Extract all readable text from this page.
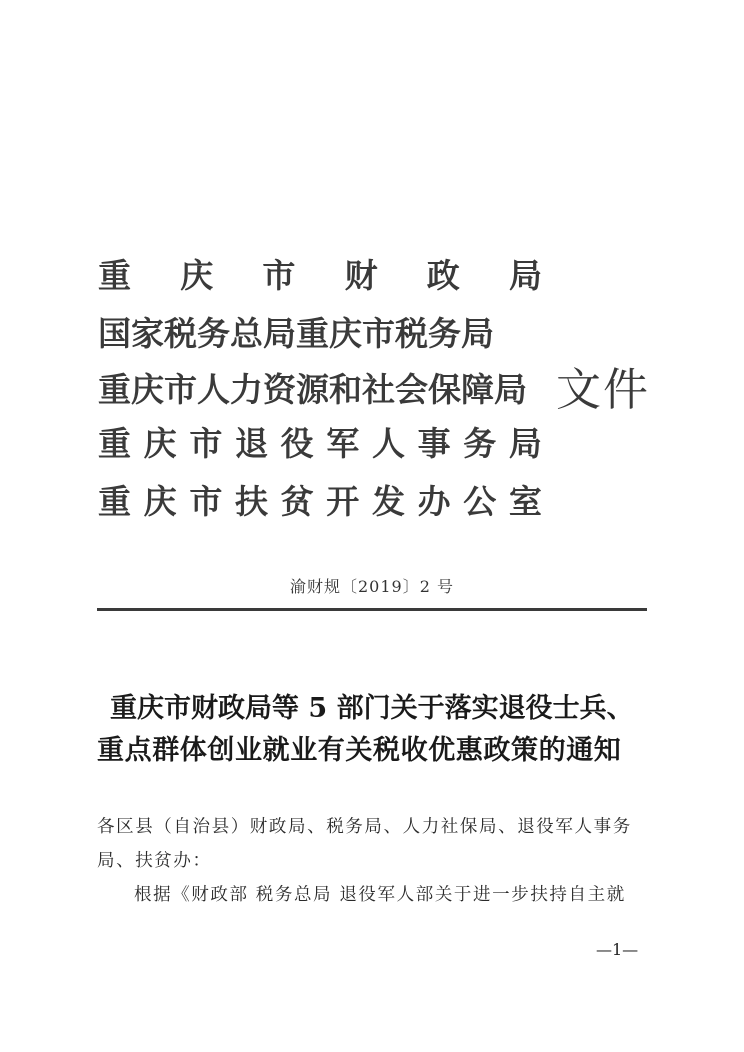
重 庆 市 财 政 局
国家税务总局重庆市税务局
重庆市人力资源和社会保障局
重 庆 市 退 役 军 人 事 务 局
重 庆 市 扶 贫 开 发 办 公 室
文件
渝财规〔2019〕2 号
重庆市财政局等 5 部门关于落实退役士兵、
重点群体创业就业有关税收优惠政策的通知
各区县（自治县）财政局、税务局、人力社保局、退役军人事务
局、扶贫办：
根据《财政部 税务总局 退役军人部关于进一步扶持自主就
—1—
